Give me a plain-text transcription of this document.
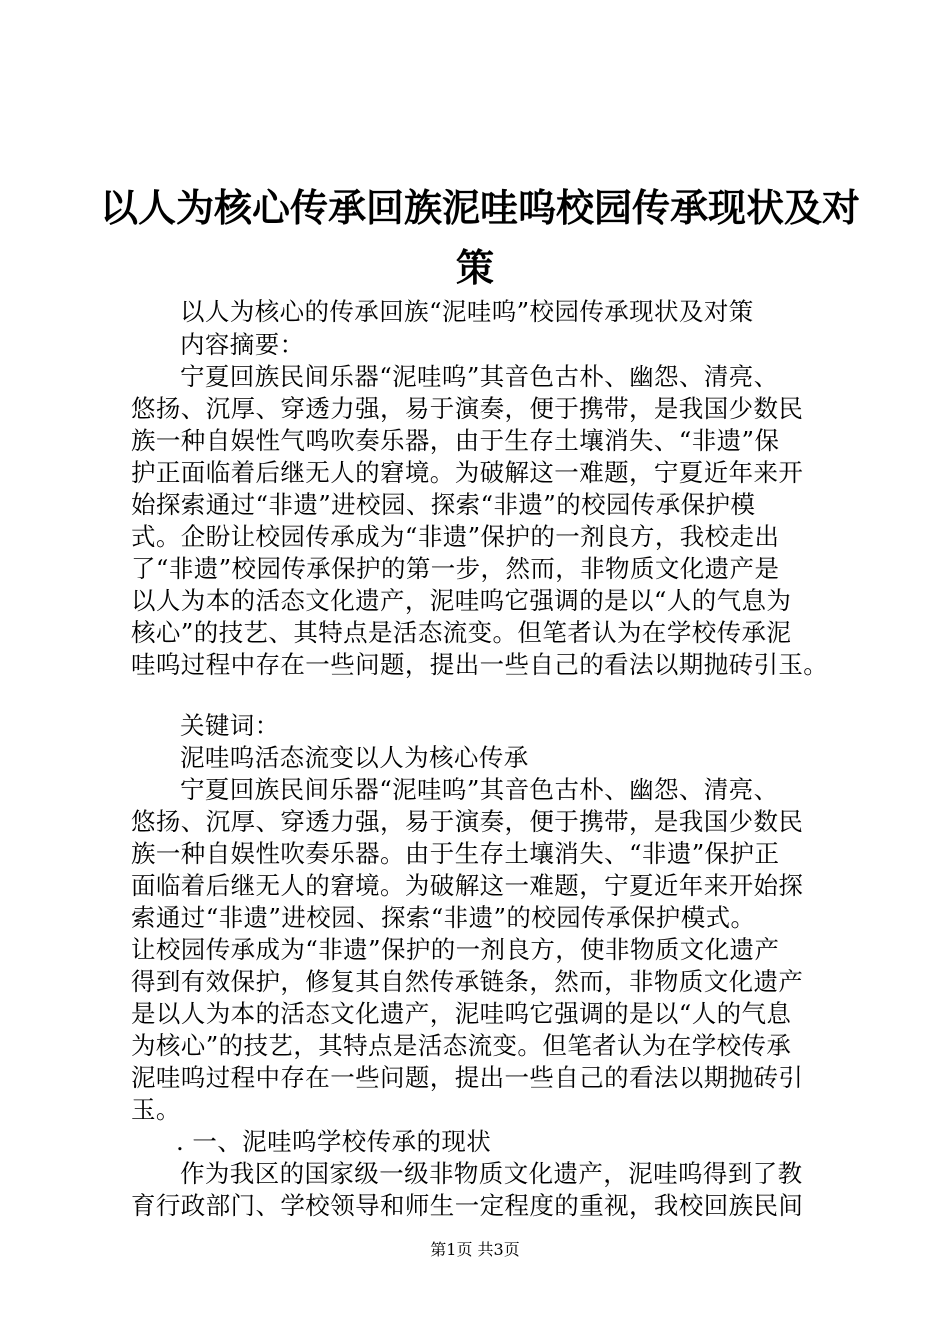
以人为核心传承回族泥哇呜校园传承现状及对
策
以人为核心的传承回族“泥哇呜”校园传承现状及对策
内容摘要：
宁夏回族民间乐器“泥哇呜”其音色古朴、幽怨、清亮、
悠扬、沉厚、穿透力强，易于演奏，便于携带，是我国少数民
族一种自娱性气鸣吹奏乐器，由于生存土壤消失、“非遗”保
护正面临着后继无人的窘境。为破解这一难题，宁夏近年来开
始探索通过“非遗”进校园、探索“非遗”的校园传承保护模
式。企盼让校园传承成为“非遗”保护的一剂良方，我校走出
了“非遗”校园传承保护的第一步，然而，非物质文化遗产是
以人为本的活态文化遗产，泥哇呜它强调的是以“人的气息为
核心”的技艺、其特点是活态流变。但笔者认为在学校传承泥
哇呜过程中存在一些问题，提出一些自己的看法以期抛砖引玉。
关键词：
泥哇呜活态流变以人为核心传承
宁夏回族民间乐器“泥哇呜”其音色古朴、幽怨、清亮、
悠扬、沉厚、穿透力强，易于演奏，便于携带，是我国少数民
族一种自娱性吹奏乐器。由于生存土壤消失、“非遗”保护正
面临着后继无人的窘境。为破解这一难题，宁夏近年来开始探
索通过“非遗”进校园、探索“非遗”的校园传承保护模式。
让校园传承成为“非遗”保护的一剂良方，使非物质文化遗产
得到有效保护，修复其自然传承链条，然而，非物质文化遗产
是以人为本的活态文化遗产，泥哇呜它强调的是以“人的气息
为核心”的技艺，其特点是活态流变。但笔者认为在学校传承
泥哇呜过程中存在一些问题，提出一些自己的看法以期抛砖引
玉。
. 一、泥哇呜学校传承的现状
作为我区的国家级一级非物质文化遗产，泥哇呜得到了教
育行政部门、学校领导和师生一定程度的重视，我校回族民间
第1页 共3页
